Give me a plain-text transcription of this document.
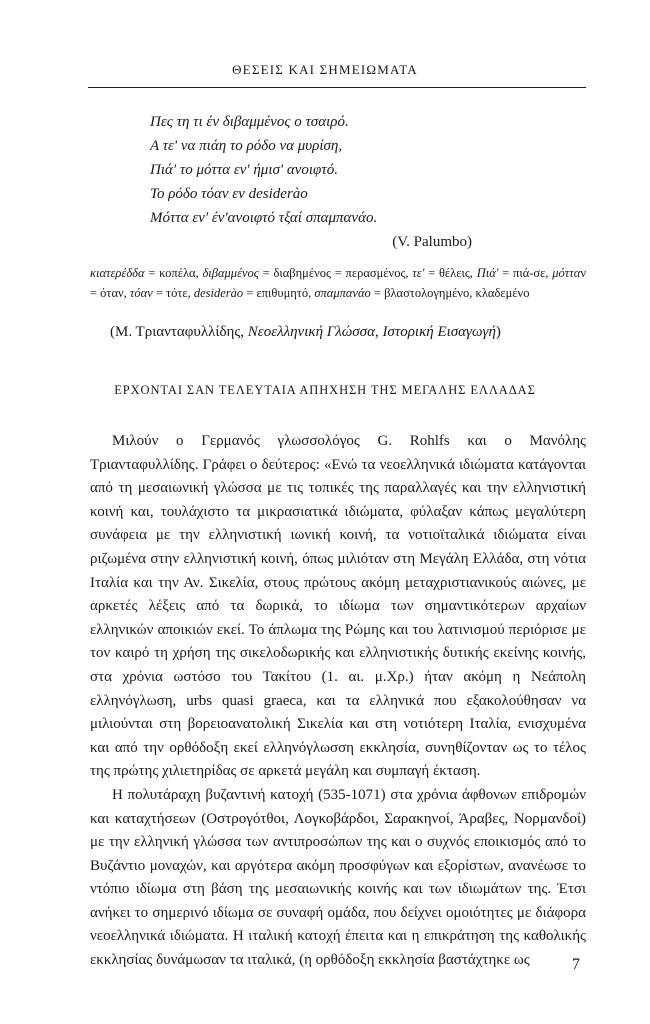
ΘΕΣΕΙΣ ΚΑΙ ΣΗΜΕΙΩΜΑΤΑ
Πες τη τι έν διβαμμένος ο τσαιρό.
Α τε' να πιάη το ρόδο να μυρίση,
Πιά' το μόττα εν' ήμισ' ανοιφτό.
Το ρόδο τόαν εν desiderào
Μόττα εν' έν'ανοιφτό τξαί σπαμπανάο.
(V. Palumbo)
κιατερέδδα = κοπέλα, διβαμμένος = διαβημένος = περασμένος, τε' = θέλεις, Πιά' = πιά-σε, μότταν = όταν, τόαν = τότε, desiderào = επιθυμητό, σπαμπανάο = βλαστολογημένο, κλαδεμένο
(Μ. Τριανταφυλλίδης, Νεοελληνική Γλώσσα, Ιστορική Εισαγωγή)
ΕΡΧΟΝΤΑΙ ΣΑΝ ΤΕΛΕΥΤΑΙΑ ΑΠΗΧΗΣΗ ΤΗΣ ΜΕΓΑΛΗΣ ΕΛΛΑΔΑΣ

Μιλούν ο Γερμανός γλωσσολόγος G. Rohlfs και ο Μανόλης Τριανταφυλλίδης. Γράφει ο δεύτερος: «Ενώ τα νεοελληνικά ιδιώματα κατάγονται από τη μεσαιωνική γλώσσα με τις τοπικές της παραλλαγές και την ελληνιστική κοινή και, τουλάχιστο τα μικρασιατικά ιδιώματα, φύλαξαν κάπως μεγαλύτερη συνάφεια με την ελληνιστική ιωνική κοινή, τα νοτιοϊταλικά ιδιώματα είναι ριζωμένα στην ελληνιστική κοινή, όπως μιλιόταν στη Μεγάλη Ελλάδα, στη νότια Ιταλία και την Αν. Σικελία, στους πρώτους ακόμη μεταχριστιανικούς αιώνες, με αρκετές λέξεις από τα δωρικά, το ιδίωμα των σημαντικότερων αρχαίων ελληνικών αποικιών εκεί. Το άπλωμα της Ρώμης και του λατινισμού περιόρισε με τον καιρό τη χρήση της σικελοδωρικής και ελληνιστικής δυτικής εκείνης κοινής, στα χρόνια ωστόσο του Τακίτου (1. αι. μ.Χρ.) ήταν ακόμη η Νεάπολη ελληνόγλωση, urbs quasi graeca, και τα ελληνικά που εξακολούθησαν να μιλιούνται στη βορειοανατολική Σικελία και στη νοτιότερη Ιταλία, ενισχυμένα και από την ορθόδοξη εκεί ελληνόγλωσση εκκλησία, συνηθίζονταν ως το τέλος της πρώτης χιλιετηρίδας σε αρκετά μεγάλη και συμπαγή έκταση.

Η πολυτάραχη βυζαντινή κατοχή (535-1071) στα χρόνια άφθονων επιδρομών και καταχτήσεων (Οστρογότθοι, Λογκοβάρδοι, Σαρακηνοί, Άραβες, Νορμανδοί) με την ελληνική γλώσσα των αντιπροσώπων της και ο συχνός εποικισμός από το Βυζάντιο μοναχών, και αργότερα ακόμη προσφύγων και εξορίστων, ανανέωσε το ντόπιο ιδίωμα στη βάση της μεσαιωνικής κοινής και των ιδιωμάτων της. Έτσι ανήκει το σημερινό ιδίωμα σε συναφή ομάδα, που δείχνει ομοιότητες με διάφορα νεοελληνικά ιδιώματα. Η ιταλική κατοχή έπειτα και η επικράτηση της καθολικής εκκλησίας δυνάμωσαν τα ιταλικά, (η ορθόδοξη εκκλησία βαστάχτηκε ως	7
